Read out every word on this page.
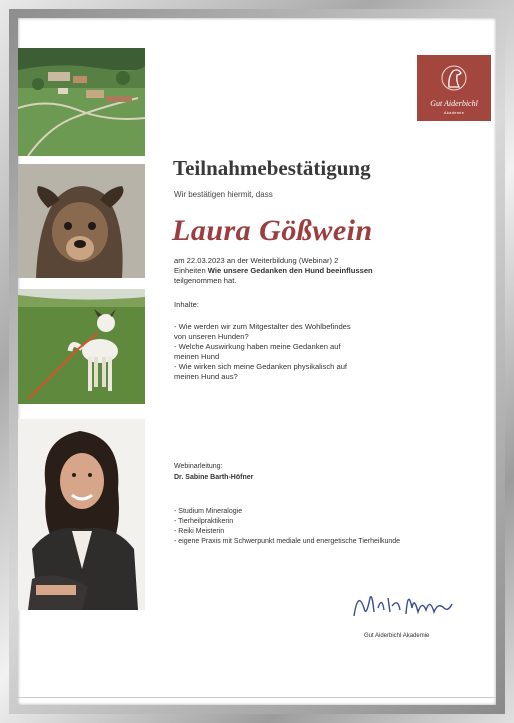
Gut Aiderbichl
Akademie
Teilnahmebestätigung
Wir bestätigen hiermit, dass
Laura Gößwein
am 22.03.2023 an der Weiterbildung (Webinar) 2
Einheiten Wie unsere Gedanken den Hund beeinflussen
teilgenommen hat.
Inhalte:
- Wie werden wir zum Mitgestalter des Wohlbefindes
von unseren Hunden?
- Welche Auswirkung haben meine Gedanken auf
meinen Hund
- Wie wirken sich meine Gedanken physikalisch auf
meinen Hund aus?
Webinarleitung:
Dr. Sabine Barth-Höfner
- Studium Mineralogie
- Tierheilpraktikerin
- Reiki Meisterin
- eigene Praxis mit Schwerpunkt mediale und energetische Tierheilkunde
Gut Aiderbichl Akademie
